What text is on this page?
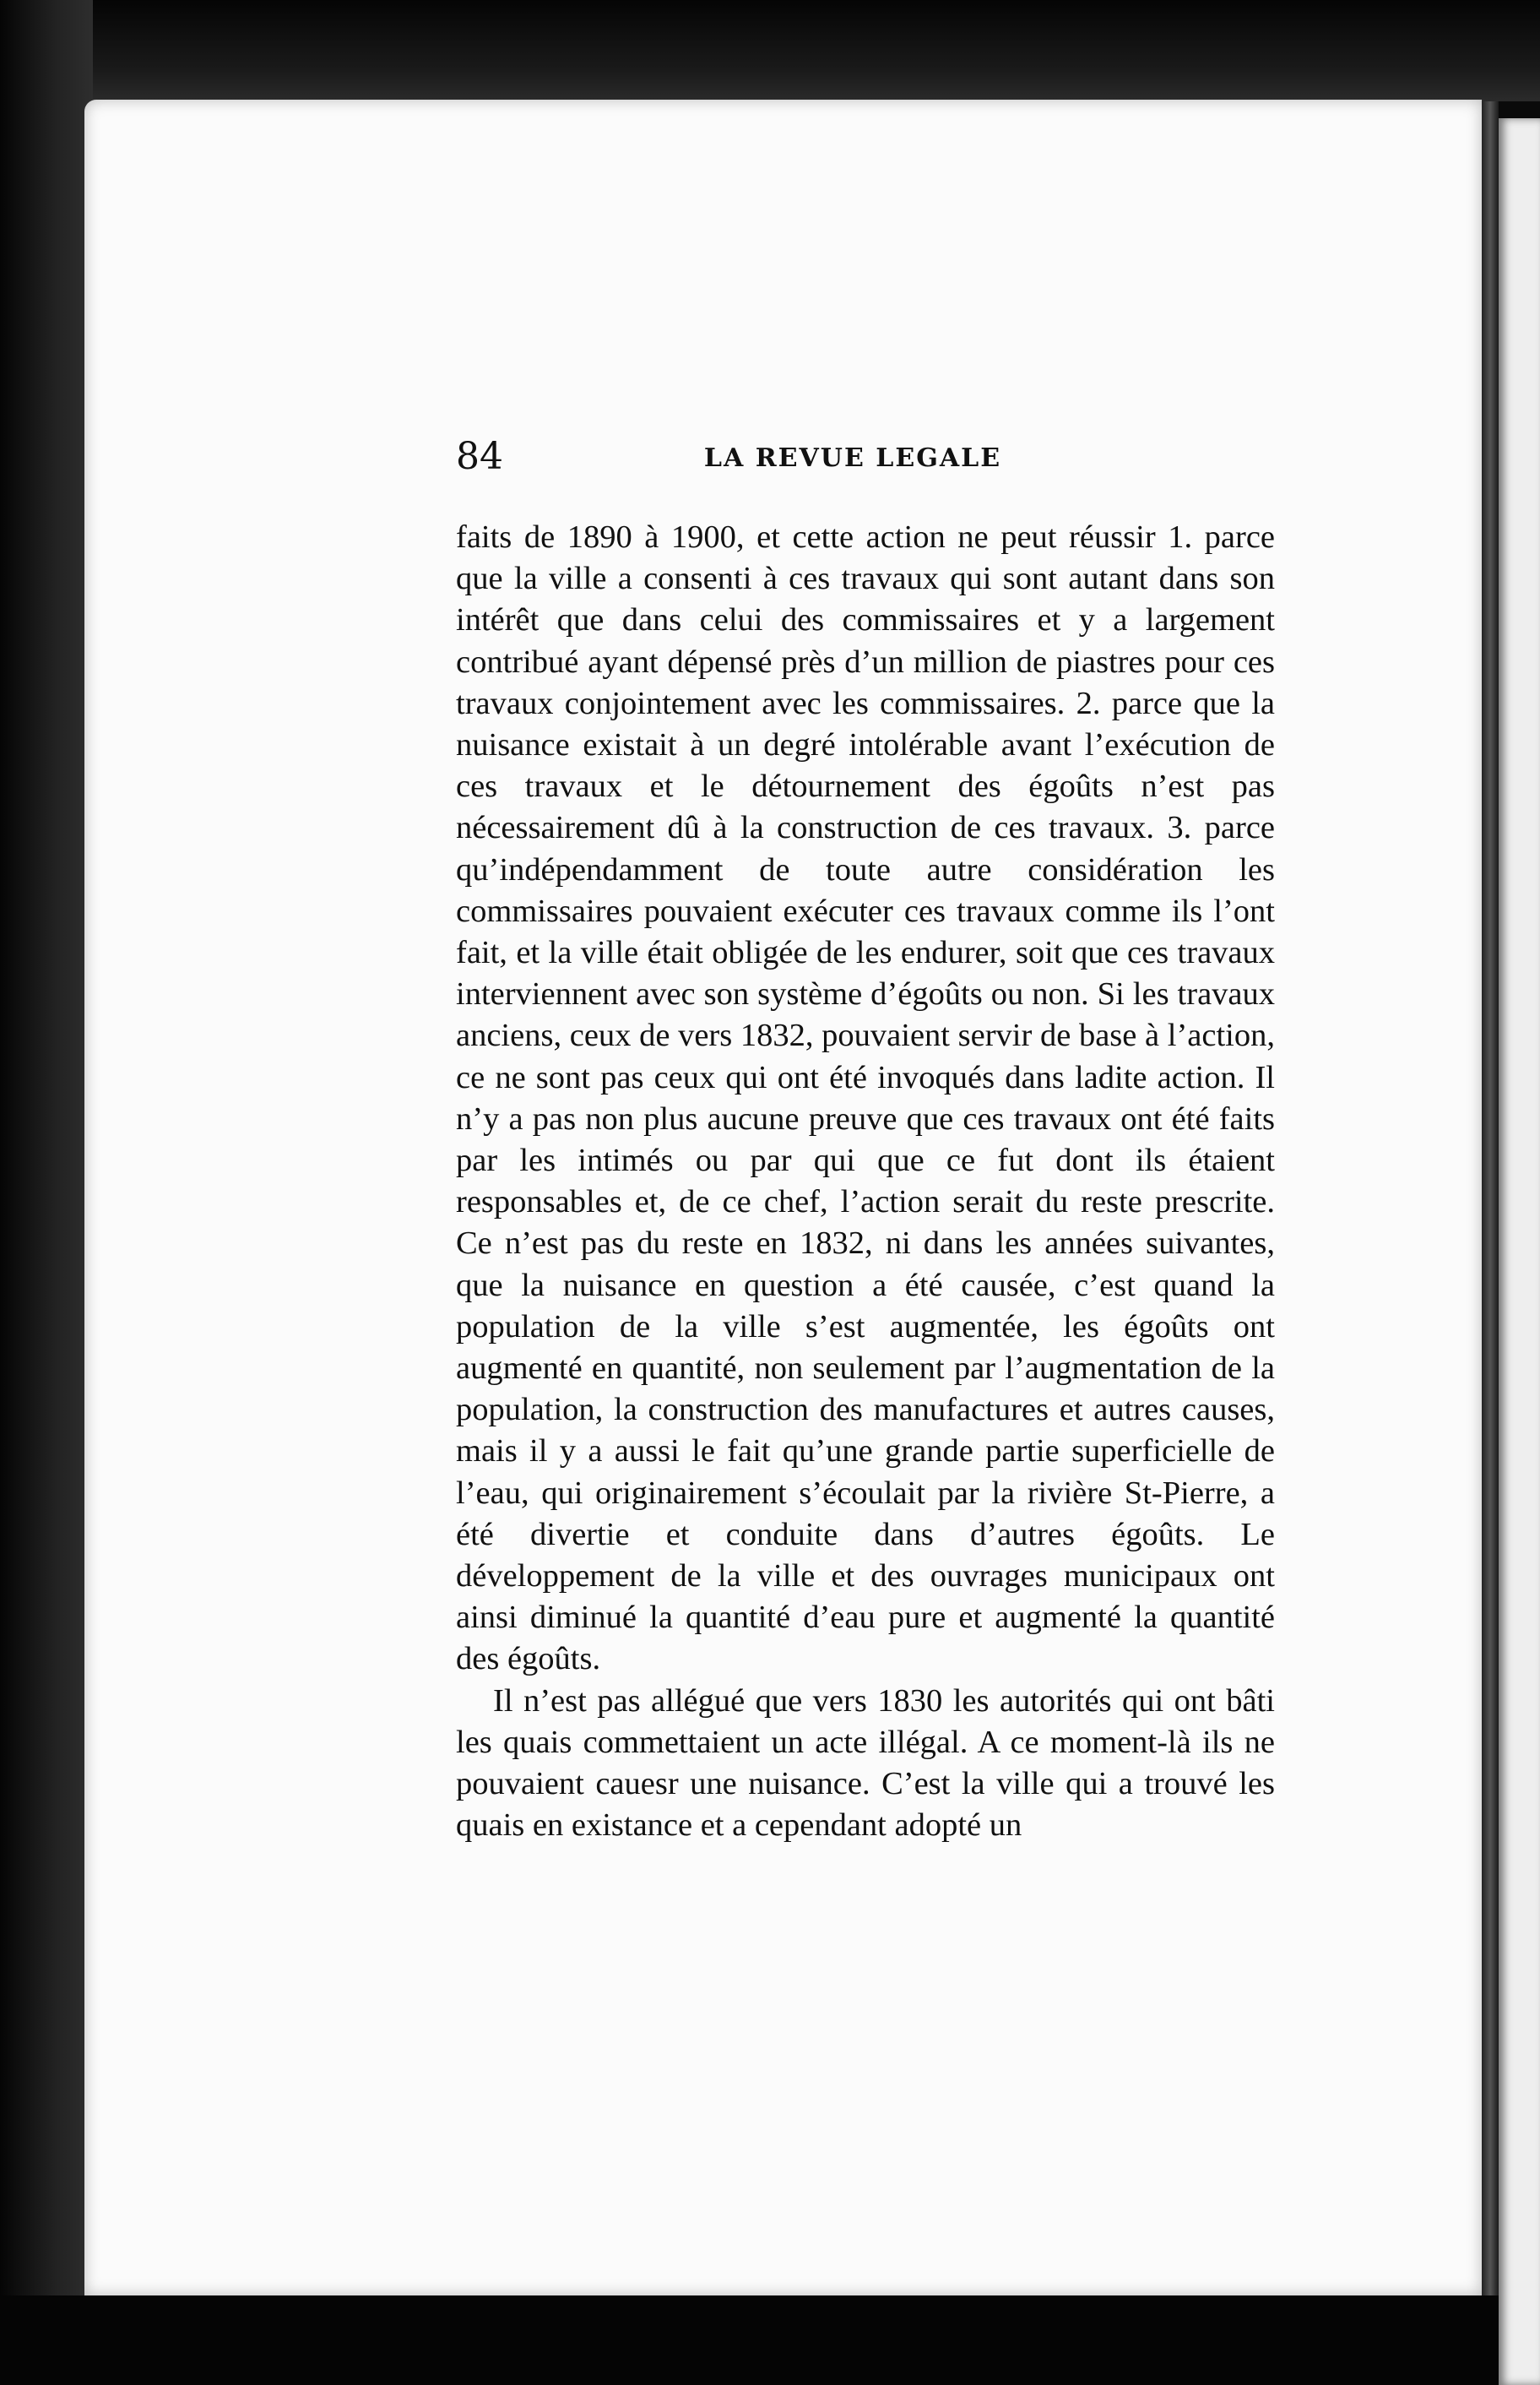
84	LA REVUE LEGALE

faits de 1890 à 1900, et cette action ne peut réussir 1. parce que la ville a consenti à ces travaux qui sont autant dans son intérêt que dans celui des commissaires et y a largement contribué ayant dépensé près d’un million de piastres pour ces travaux conjointement avec les commissaires. 2. parce que la nuisance existait à un degré intolérable avant l’exécution de ces travaux et le détournement des égoûts n’est pas nécessairement dû à la construction de ces travaux. 3. parce qu’indépendamment de toute autre considération les commissaires pouvaient exécuter ces travaux comme ils l’ont fait, et la ville était obligée de les endurer, soit que ces travaux interviennent avec son système d’égoûts ou non. Si les travaux anciens, ceux de vers 1832, pouvaient servir de base à l’action, ce ne sont pas ceux qui ont été invoqués dans ladite action. Il n’y a pas non plus aucune preuve que ces travaux ont été faits par les intimés ou par qui que ce fut dont ils étaient responsables et, de ce chef, l’action serait du reste prescrite. Ce n’est pas du reste en 1832, ni dans les années suivantes, que la nuisance en question a été causée, c’est quand la population de la ville s’est augmentée, les égoûts ont augmenté en quantité, non seulement par l’augmentation de la population, la construction des manufactures et autres causes, mais il y a aussi le fait qu’une grande partie superficielle de l’eau, qui originairement s’écoulait par la rivière St-Pierre, a été divertie et conduite dans d’autres égoûts. Le développement de la ville et des ouvrages municipaux ont ainsi diminué la quantité d’eau pure et augmenté la quantité des égoûts.

Il n’est pas allégué que vers 1830 les autorités qui ont bâti les quais commettaient un acte illégal. A ce moment-là ils ne pouvaient cauesr une nuisance. C’est la ville qui a trouvé les quais en existance et a cependant adopté un
